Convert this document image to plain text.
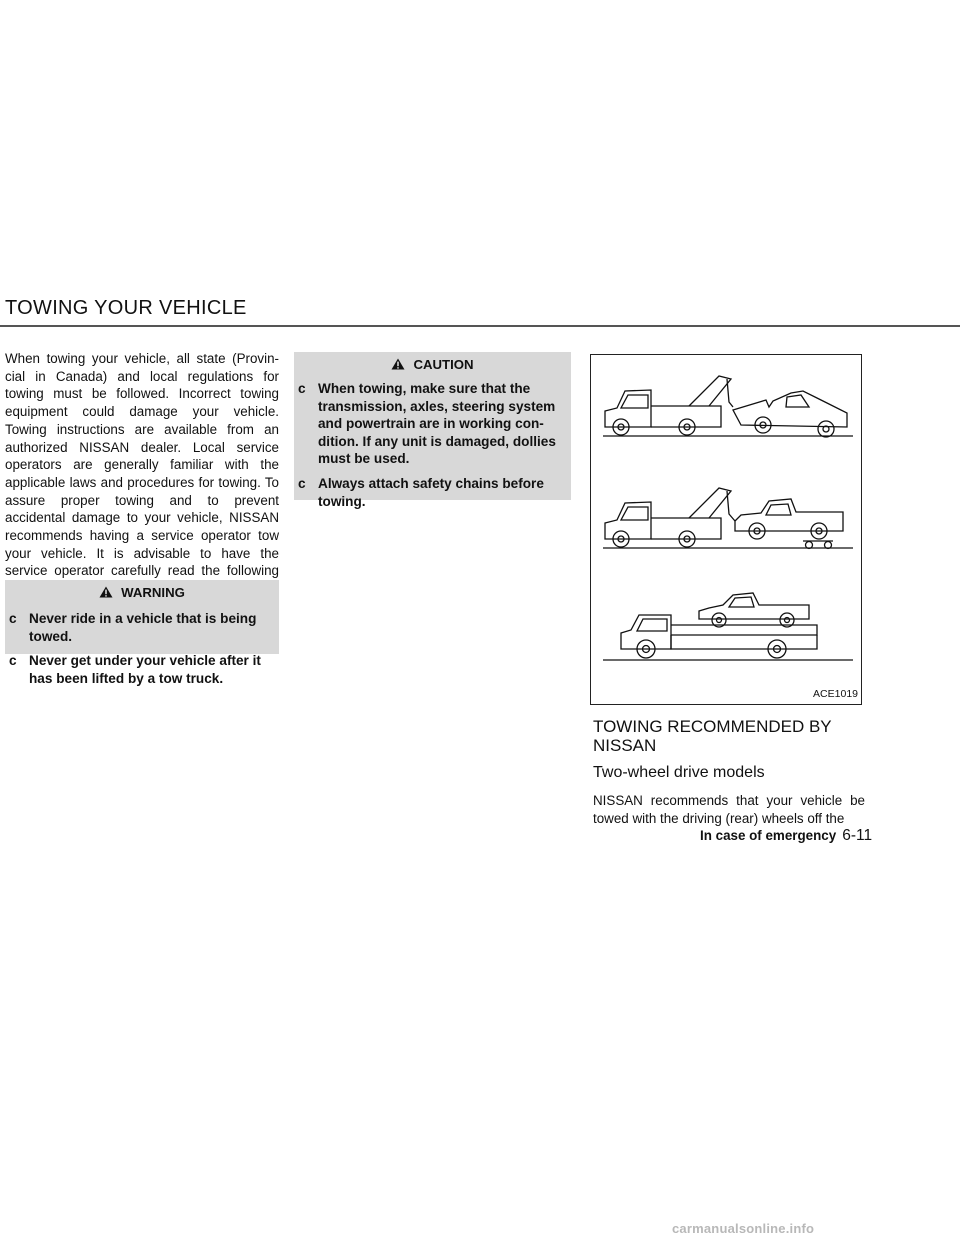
TOWING YOUR VEHICLE

When towing your vehicle, all state (Provin-cial in Canada) and local regulations for towing must be followed. Incorrect towing equipment could damage your vehicle. Towing instructions are available from an authorized NISSAN dealer. Local service operators are generally familiar with the applicable laws and procedures for towing. To assure proper towing and to prevent accidental damage to your vehicle, NISSAN recommends having a service operator tow your vehicle. It is advisable to have the service operator carefully read the following

WARNING
c Never ride in a vehicle that is being towed.
c Never get under your vehicle after it has been lifted by a tow truck.
CAUTION
c When towing, make sure that the transmission, axles, steering system and powertrain are in working con-dition. If any unit is damaged, dollies must be used.
c Always attach safety chains before towing.
ACE1019
TOWING RECOMMENDED BY NISSAN
Two-wheel drive models

NISSAN recommends that your vehicle be towed with the driving (rear) wheels off the

In case of emergency 6-11
carmanualsonline.info
